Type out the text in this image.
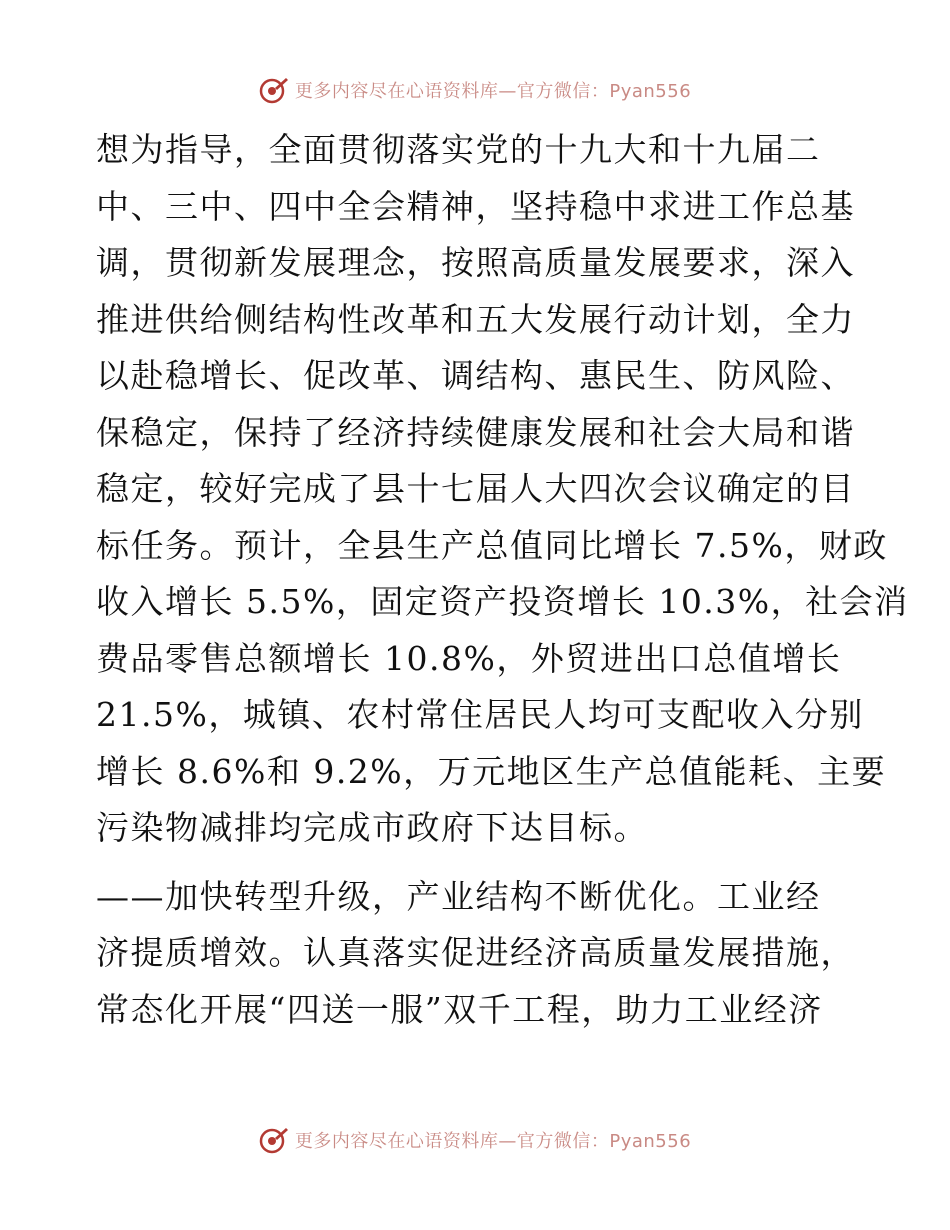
更多内容尽在心语资料库—官方微信：Pyan556
想为指导，全面贯彻落实党的十九大和十九届二
中、三中、四中全会精神，坚持稳中求进工作总基
调，贯彻新发展理念，按照高质量发展要求，深入
推进供给侧结构性改革和五大发展行动计划，全力
以赴稳增长、促改革、调结构、惠民生、防风险、
保稳定，保持了经济持续健康发展和社会大局和谐
稳定，较好完成了县十七届人大四次会议确定的目
标任务。预计，全县生产总值同比增长 7.5%，财政
收入增长 5.5%，固定资产投资增长 10.3%，社会消
费品零售总额增长 10.8%，外贸进出口总值增长
21.5%，城镇、农村常住居民人均可支配收入分别
增长 8.6%和 9.2%，万元地区生产总值能耗、主要
污染物减排均完成市政府下达目标。
——加快转型升级，产业结构不断优化。工业经
济提质增效。认真落实促进经济高质量发展措施，
常态化开展“四送一服”双千工程，助力工业经济
更多内容尽在心语资料库—官方微信：Pyan556
